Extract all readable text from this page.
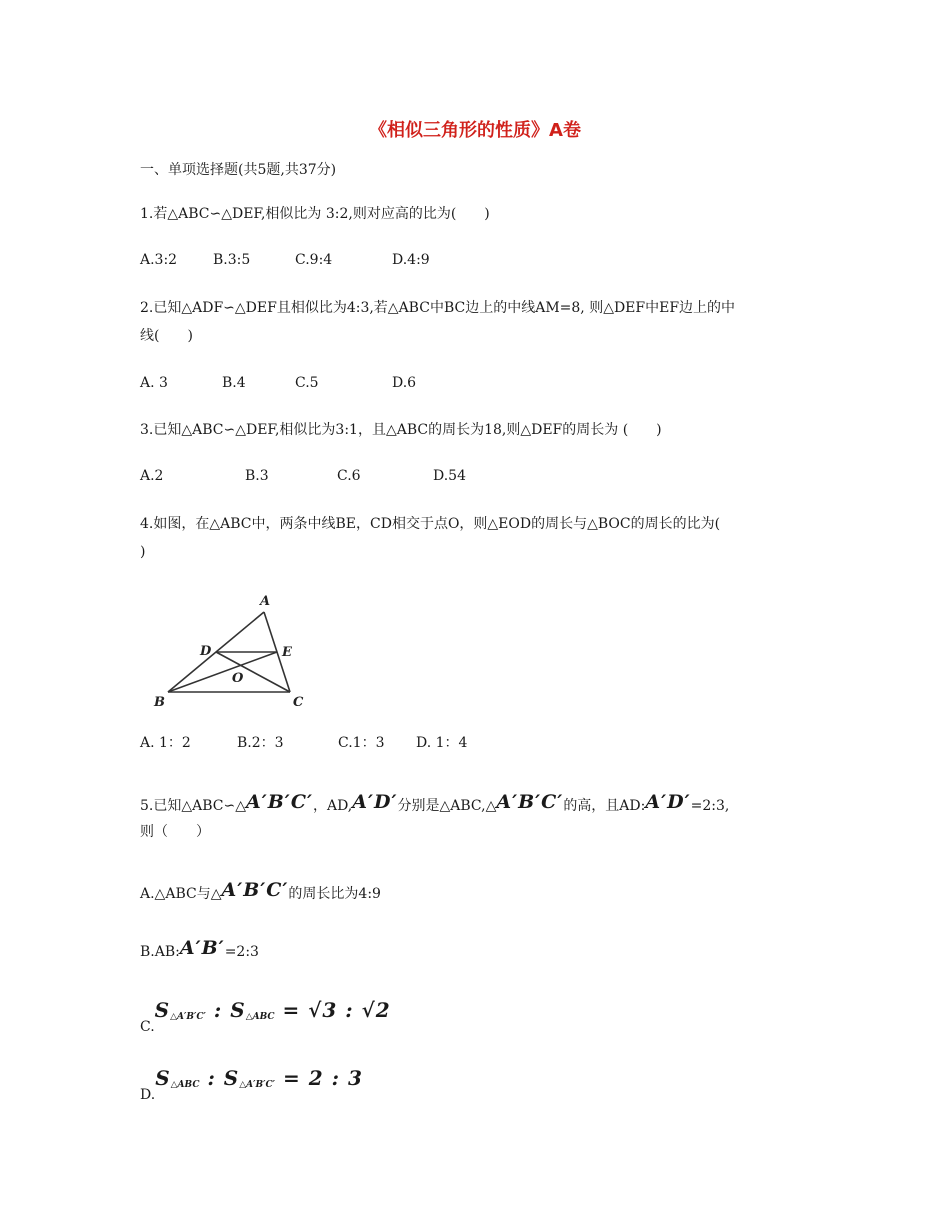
《相似三角形的性质》A卷
一、单项选择题(共5题,共37分)
1.若△ABC∽△DEF,相似比为 3:2,则对应高的比为(　　)
A.3:2	B.3:5	C.9:4	D.4:9
2.已知△ADF∽△DEF且相似比为4:3,若△ABC中BC边上的中线AM=8, 则△DEF中EF边上的中
线(　　)
A. 3	B.4	C.5	D.6
3.已知△ABC∽△DEF,相似比为3:1，且△ABC的周长为18,则△DEF的周长为 (　　)
A.2	B.3	C.6	D.54
4.如图，在△ABC中，两条中线BE，CD相交于点O，则△EOD的周长与△BOC的周长的比为(
)
A
B	C
D	E
O
A. 1：2	B.2：3	C.1：3 D. 1：4
5.已知△ABC∽△A′B′C′，AD,A′D′分别是△ABC,△A′B′C′的高，且AD:A′D′=2:3,
则（　　）
A.△ABC与△A′B′C′的周长比为4:9
B.AB:A′B′=2:3
C.S△A′B′C′ : S△ABC = √3 : √2
D.S△ABC : S△A′B′C′ = 2 : 3
